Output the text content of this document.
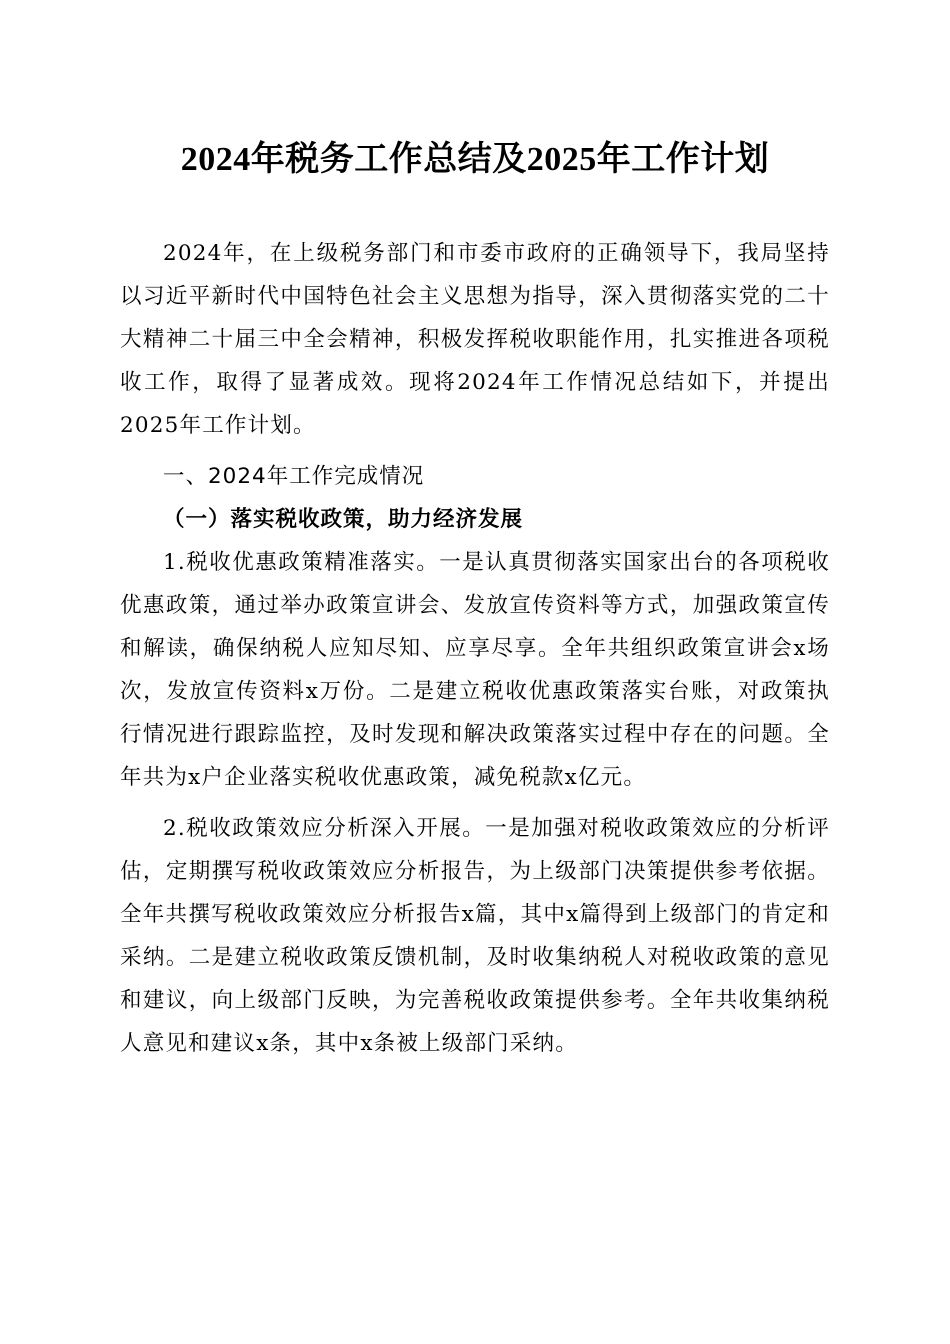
2024年税务工作总结及2025年工作计划

2024年，在上级税务部门和市委市政府的正确领导下，我局坚持以习近平新时代中国特色社会主义思想为指导，深入贯彻落实党的二十大精神二十届三中全会精神，积极发挥税收职能作用，扎实推进各项税收工作，取得了显著成效。现将2024年工作情况总结如下，并提出2025年工作计划。

一、2024年工作完成情况

（一）落实税收政策，助力经济发展

1.税收优惠政策精准落实。一是认真贯彻落实国家出台的各项税收优惠政策，通过举办政策宣讲会、发放宣传资料等方式，加强政策宣传和解读，确保纳税人应知尽知、应享尽享。全年共组织政策宣讲会x场次，发放宣传资料x万份。二是建立税收优惠政策落实台账，对政策执行情况进行跟踪监控，及时发现和解决政策落实过程中存在的问题。全年共为x户企业落实税收优惠政策，减免税款x亿元。

2.税收政策效应分析深入开展。一是加强对税收政策效应的分析评估，定期撰写税收政策效应分析报告，为上级部门决策提供参考依据。全年共撰写税收政策效应分析报告x篇，其中x篇得到上级部门的肯定和采纳。二是建立税收政策反馈机制，及时收集纳税人对税收政策的意见和建议，向上级部门反映，为完善税收政策提供参考。全年共收集纳税人意见和建议x条，其中x条被上级部门采纳。
